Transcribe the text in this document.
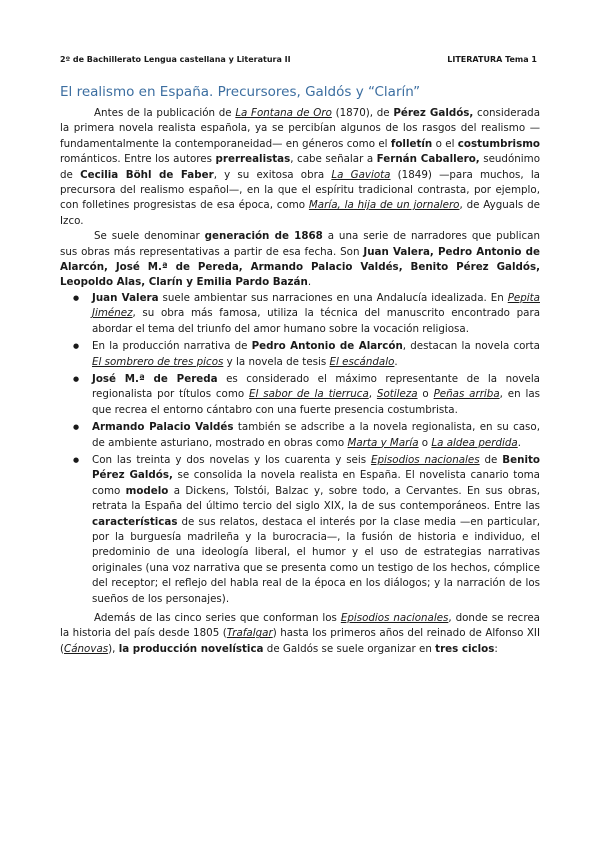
2º de Bachillerato Lengua castellana y Literatura II	LITERATURA Tema 1
El realismo en España. Precursores, Galdós y “Clarín”

Antes de la publicación de La Fontana de Oro (1870), de Pérez Galdós, considerada la primera novela realista española, ya se percibían algunos de los rasgos del realismo —fundamentalmente la contemporaneidad— en géneros como el folletín o el costumbrismo románticos. Entre los autores prerrealistas, cabe señalar a Fernán Caballero, seudónimo de Cecilia Böhl de Faber, y su exitosa obra La Gaviota (1849) —para muchos, la precursora del realismo español—, en la que el espíritu tradicional contrasta, por ejemplo, con folletines progresistas de esa época, como María, la hija de un jornalero, de Ayguals de Izco.

Se suele denominar generación de 1868 a una serie de narradores que publican sus obras más representativas a partir de esa fecha. Son Juan Valera, Pedro Antonio de Alarcón, José M.ª de Pereda, Armando Palacio Valdés, Benito Pérez Galdós, Leopoldo Alas, Clarín y Emilia Pardo Bazán.

● Juan Valera suele ambientar sus narraciones en una Andalucía idealizada. En Pepita Jiménez, su obra más famosa, utiliza la técnica del manuscrito encontrado para abordar el tema del triunfo del amor humano sobre la vocación religiosa.
● En la producción narrativa de Pedro Antonio de Alarcón, destacan la novela corta El sombrero de tres picos y la novela de tesis El escándalo.
● José M.ª de Pereda es considerado el máximo representante de la novela regionalista por títulos como El sabor de la tierruca, Sotileza o Peñas arriba, en las que recrea el entorno cántabro con una fuerte presencia costumbrista.
● Armando Palacio Valdés también se adscribe a la novela regionalista, en su caso, de ambiente asturiano, mostrado en obras como Marta y María o La aldea perdida.
● Con las treinta y dos novelas y los cuarenta y seis Episodios nacionales de Benito Pérez Galdós, se consolida la novela realista en España. El novelista canario toma como modelo a Dickens, Tolstói, Balzac y, sobre todo, a Cervantes. En sus obras, retrata la España del último tercio del siglo XIX, la de sus contemporáneos. Entre las características de sus relatos, destaca el interés por la clase media —en particular, por la burguesía madrileña y la burocracia—, la fusión de historia e individuo, el predominio de una ideología liberal, el humor y el uso de estrategias narrativas originales (una voz narrativa que se presenta como un testigo de los hechos, cómplice del receptor; el reflejo del habla real de la época en los diálogos; y la narración de los sueños de los personajes).

Además de las cinco series que conforman los Episodios nacionales, donde se recrea la historia del país desde 1805 (Trafalgar) hasta los primeros años del reinado de Alfonso XII (Cánovas), la producción novelística de Galdós se suele organizar en tres ciclos:
